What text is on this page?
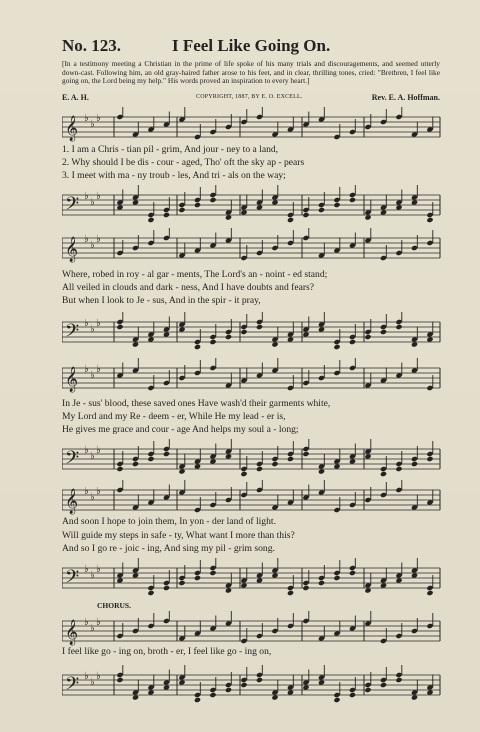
No. 123.	I Feel Like Going On.
[In a testimony meeting a Christian in the prime of life spoke of his many trials and discouragements, and seemed utterly down-cast. Following him, an old gray-haired father arose to his feet, and in clear, thrilling tones, cried: "Brethren, I feel like going on, the Lord being my help." His words proved an inspiration to every heart.]
E. A. H.	COPYRIGHT, 1887, BY E. O. EXCELL.	Rev. E. A. Hoffman.
𝄞 ♭
♭
♭
1. I am a Chris - tian pil - grim, And jour - ney to a land,
2. Why should I be dis - cour - aged, Tho' oft the sky ap - pears
3. I meet with ma - ny troub - les, And tri - als on the way;
𝄢 ♭
♭
♭
𝄞 ♭
♭
♭
Where, robed in roy - al gar - ments, The Lord's an - noint - ed stand;
All veiled in clouds and dark - ness, And I have doubts and fears?
But when I look to Je - sus, And in the spir - it pray,
𝄢 ♭
♭
♭
𝄞 ♭
♭
♭
In Je - sus' blood, these saved ones Have wash'd their garments white,
My Lord and my Re - deem - er, While He my lead - er is,
He gives me grace and cour - age And helps my soul a - long;
𝄢 ♭
♭
♭
𝄞 ♭
♭
♭
And soon I hope to join them, In yon - der land of light.
Will guide my steps in safe - ty, What want I more than this?
And so I go re - joic - ing, And sing my pil - grim song.
𝄢 ♭
♭
♭
CHORUS.
𝄞 ♭
♭
♭
I feel like go - ing on, broth - er, I feel like go - ing on,
𝄢 ♭
♭
♭
